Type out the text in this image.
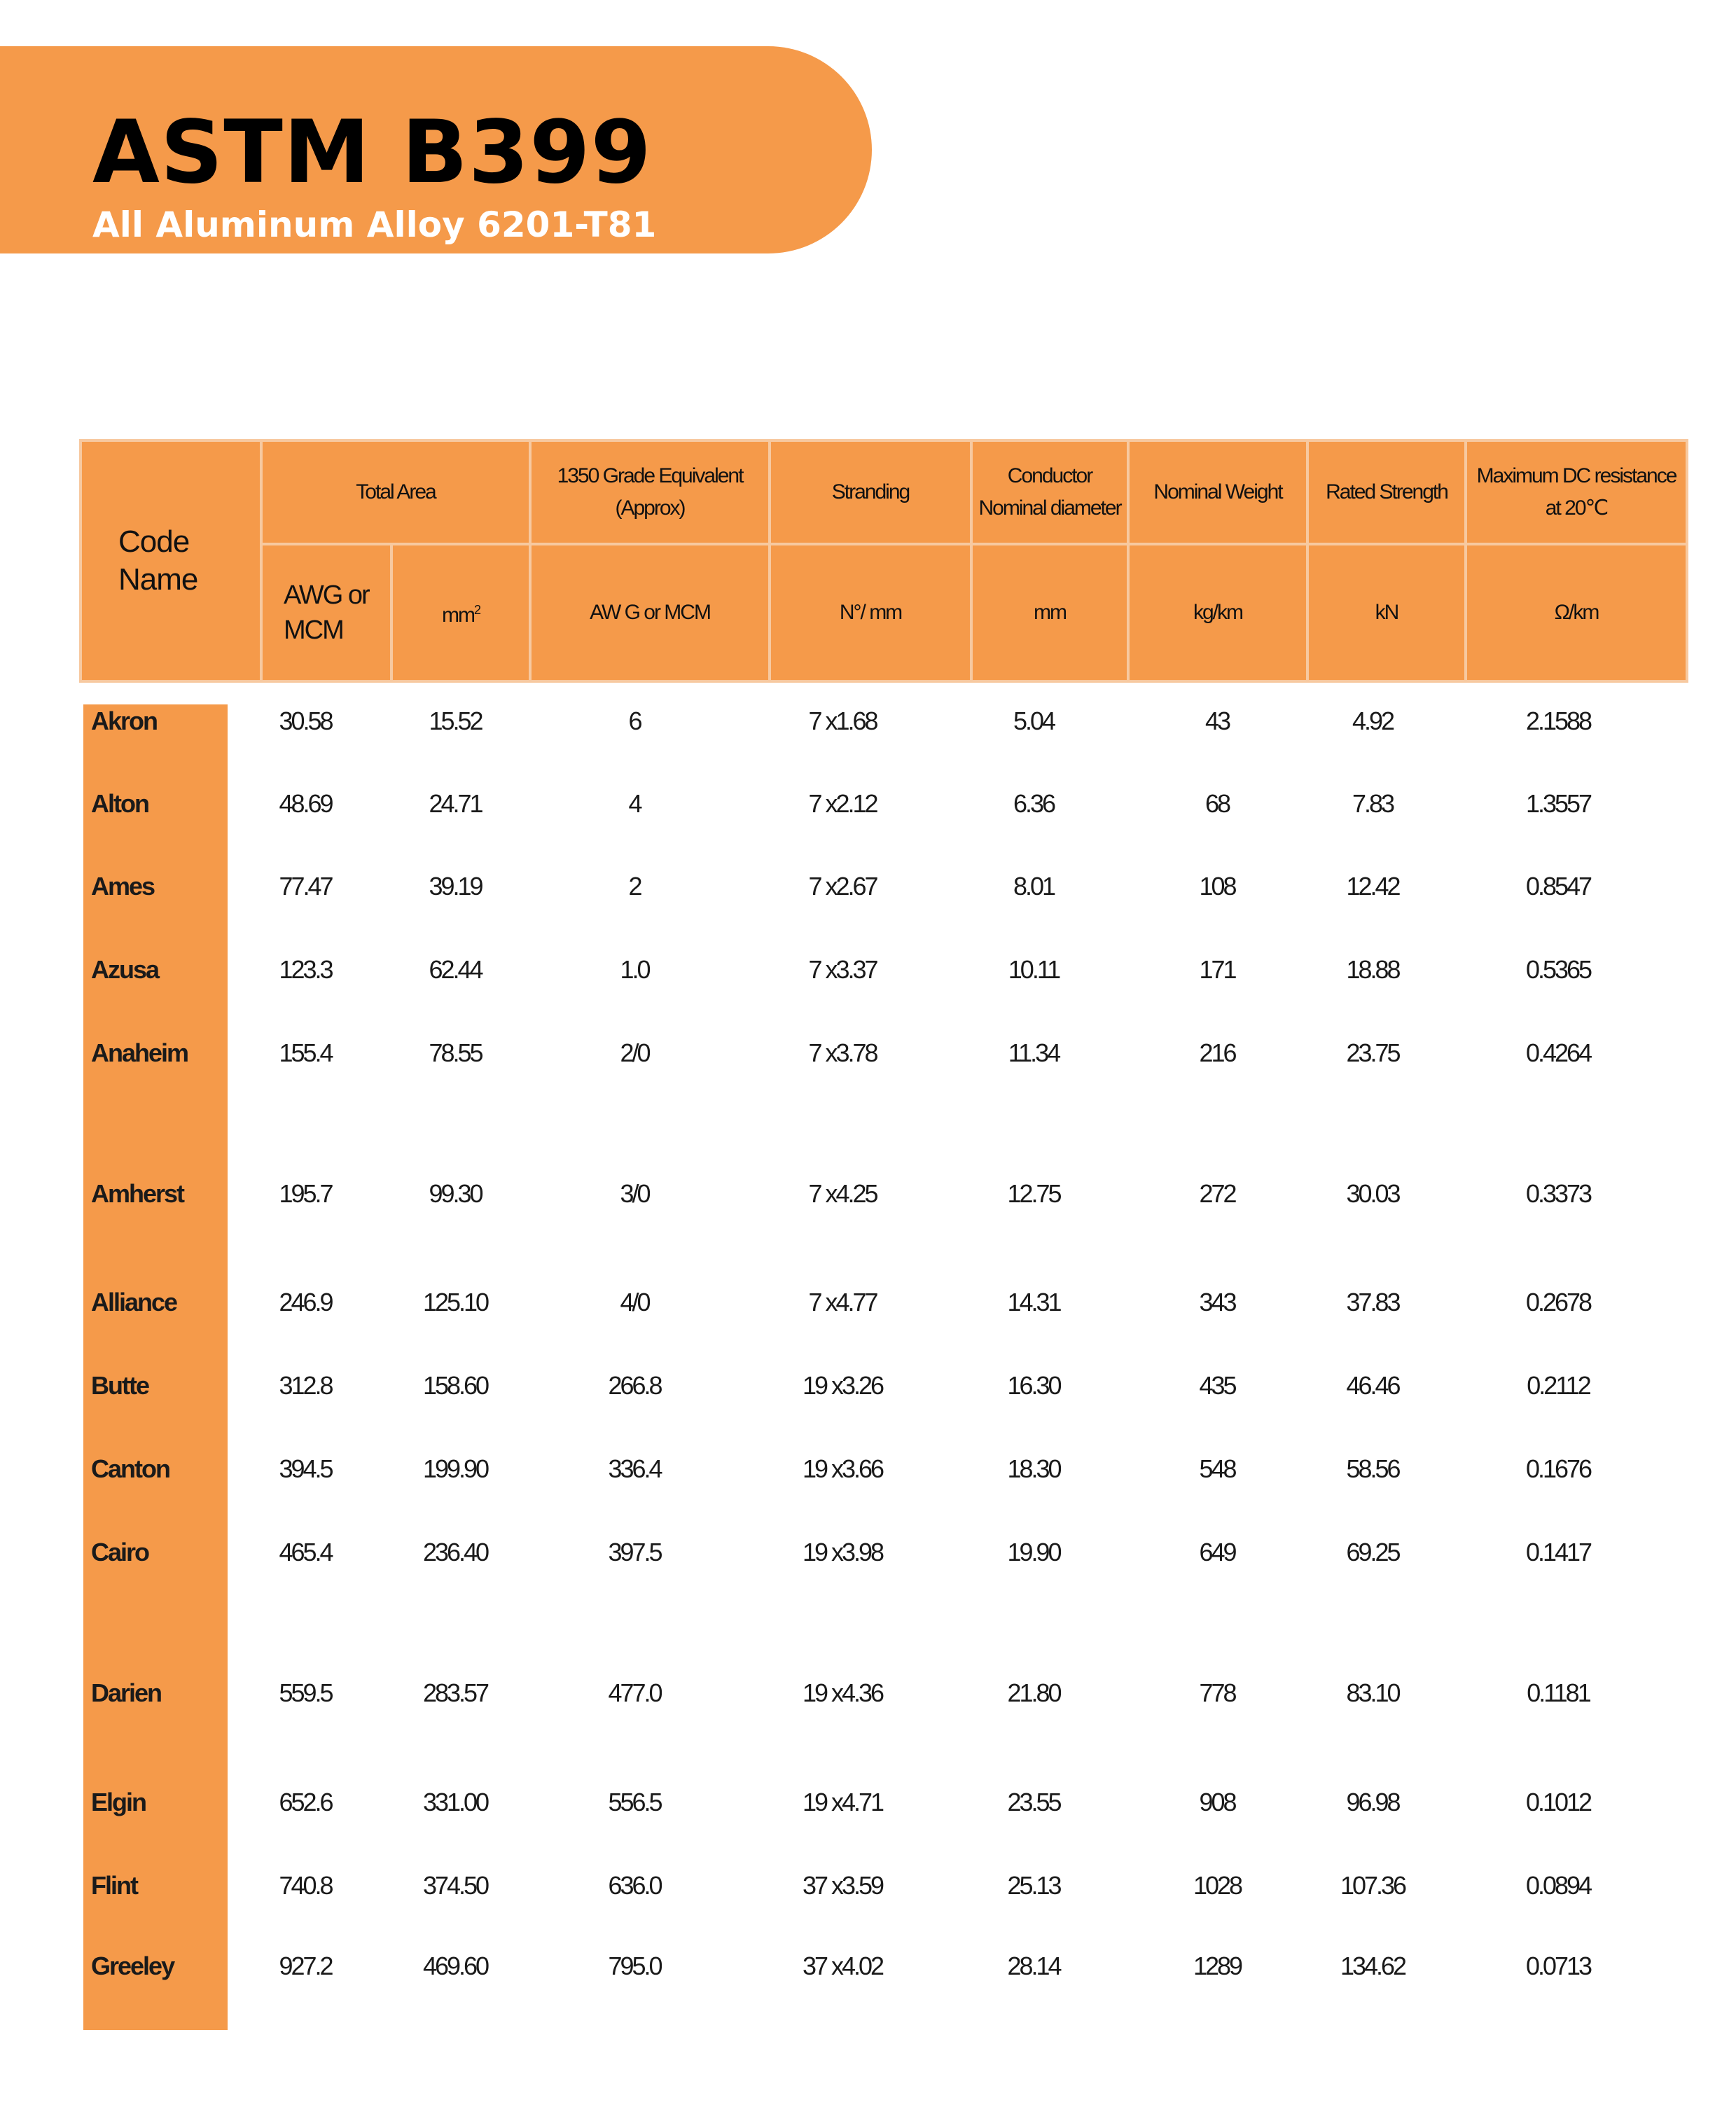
ASTM B399
All Aluminum Alloy 6201-T81
Conductors ( AAAC )
Code Name	Total Area		1350 Grade Equivalent (Approx)	Stranding	Conductor Nominal diameter	Nominal Weight	Rated Strength	Maximum DC resistance at 20℃
	AWG or MCM	$mm^2$	AW G or MCM	N°/ mm	mm	kg/km	kN	Ω/km
Akron	30.58	15.52	6	7 x1.68	5.04	43	4.92	2.1588
Alton	48.69	24.71	4	7 x2.12	6.36	68	7.83	1.3557
Ames	77.47	39.19	2	7 x2.67	8.01	108	12.42	0.8547
Azusa	123.3	62.44	1.0	7 x3.37	10.11	171	18.88	0.5365
Anaheim	155.4	78.55	2/0	7 x3.78	11.34	216	23.75	0.4264
Amherst	195.7	99.30	3/0	7 x4.25	12.75	272	30.03	0.3373
Alliance	246.9	125.10	4/0	7 x4.77	14.31	343	37.83	0.2678
Butte	312.8	158.60	266.8	19 x3.26	16.30	435	46.46	0.2112
Canton	394.5	199.90	336.4	19 x3.66	18.30	548	58.56	0.1676
Cairo	465.4	236.40	397.5	19 x3.98	19.90	649	69.25	0.1417
Darien	559.5	283.57	477.0	19 x4.36	21.80	778	83.10	0.1181
Elgin	652.6	331.00	556.5	19 x4.71	23.55	908	96.98	0.1012
Flint	740.8	374.50	636.0	37 x3.59	25.13	1028	107.36	0.0894
Greeley	927.2	469.60	795.0	37 x4.02	28.14	1289	134.62	0.0713
